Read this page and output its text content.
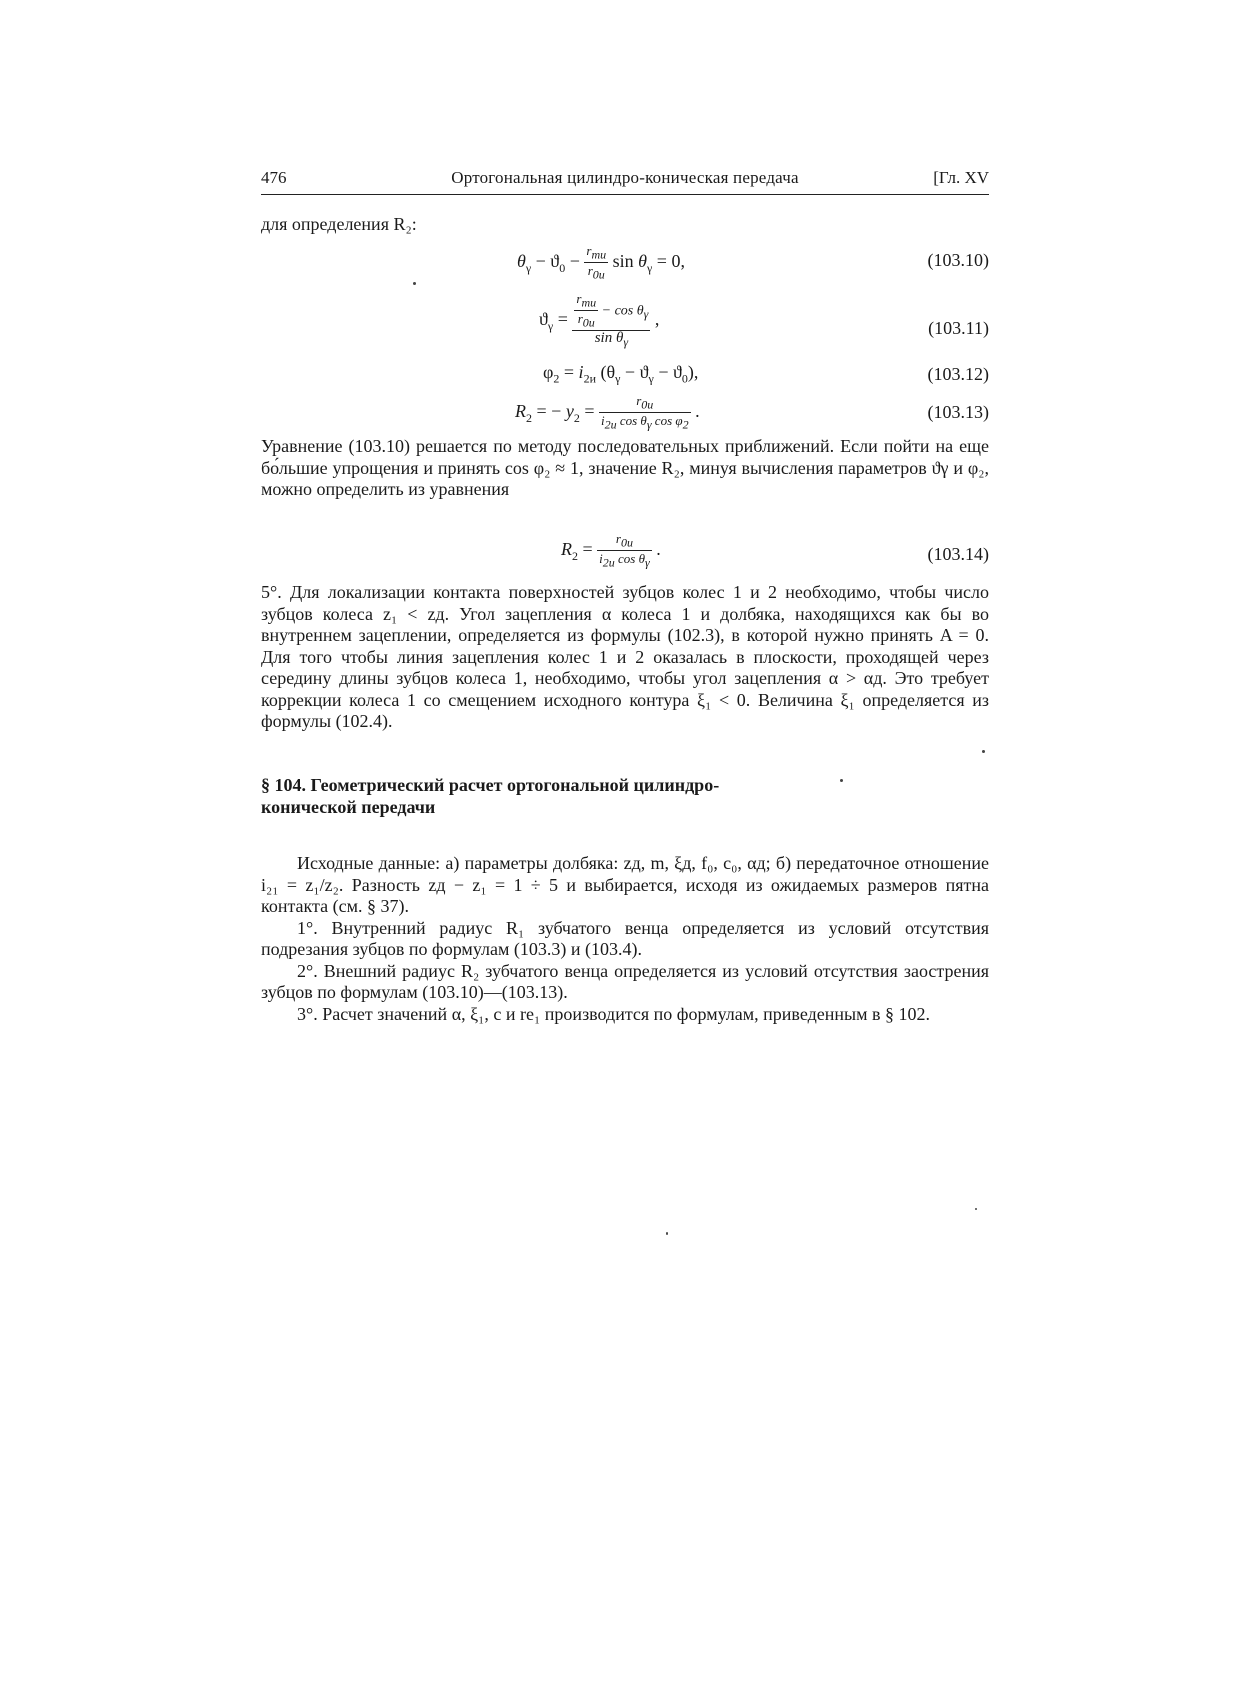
476	Ортогональная цилиндро-коническая передача	[Гл. XV

для определения R₂:

$\theta_\gamma - ϑ_0 - \frac{r_{mи}}{r_{0и}}$ $\sin \theta_\gamma = 0$,	(103.10)
$ϑ_\gamma = \frac{\frac{r_{mи}}{r_{0и}} - \cos \theta_\gamma}{\sin \theta_\gamma}$ ,	(103.11)
$\varphi_2 = i_{2и}$ $(\theta_\gamma - ϑ_\gamma - ϑ_0)$,	(103.12)
$R_2$ = − $y_2 = \frac{r_{0и}}{i_{2и} \cos \theta_\gamma \cos \varphi_2}$ .	(103.13)

Уравнение (103.10) решается по методу последовательных приближений. Если пойти на еще бо́льшие упрощения и принять cos φ₂ ≈ 1, значение R₂, минуя вычисления параметров ϑγ и φ₂, можно определить из уравнения

$R_2 = \frac{r_{0и}}{i_{2и} \cos \theta_\gamma}$ .	(103.14)

5°. Для локализации контакта поверхностей зубцов колес 1 и 2 необходимо, чтобы число зубцов колеса z₁ < zд. Угол зацепления α колеса 1 и долбяка, находящихся как бы во внутреннем зацеплении, определяется из формулы (102.3), в которой нужно принять A = 0. Для того чтобы линия зацепления колес 1 и 2 оказалась в плоскости, проходящей через середину длины зубцов колеса 1, необходимо, чтобы угол зацепления α > αд. Это требует коррекции колеса 1 со смещением исходного контура ξ₁ < 0. Величина ξ₁ определяется из формулы (102.4).

§ 104. Геометрический расчет ортогональной цилиндро-конической передачи

Исходные данные: а) параметры долбяка: zд, m, ξд, f₀, c₀, αд; б) передаточное отношение i₂₁ = z₁/z₂. Разность zд − z₁ = 1 ÷ 5 и выбирается, исходя из ожидаемых размеров пятна контакта (см. § 37).

1°. Внутренний радиус R₁ зубчатого венца определяется из условий отсутствия подрезания зубцов по формулам (103.3) и (103.4).

2°. Внешний радиус R₂ зубчатого венца определяется из условий отсутствия заострения зубцов по формулам (103.10)—(103.13).

3°. Расчет значений α, ξ₁, c и re₁ производится по формулам, приведенным в § 102.
